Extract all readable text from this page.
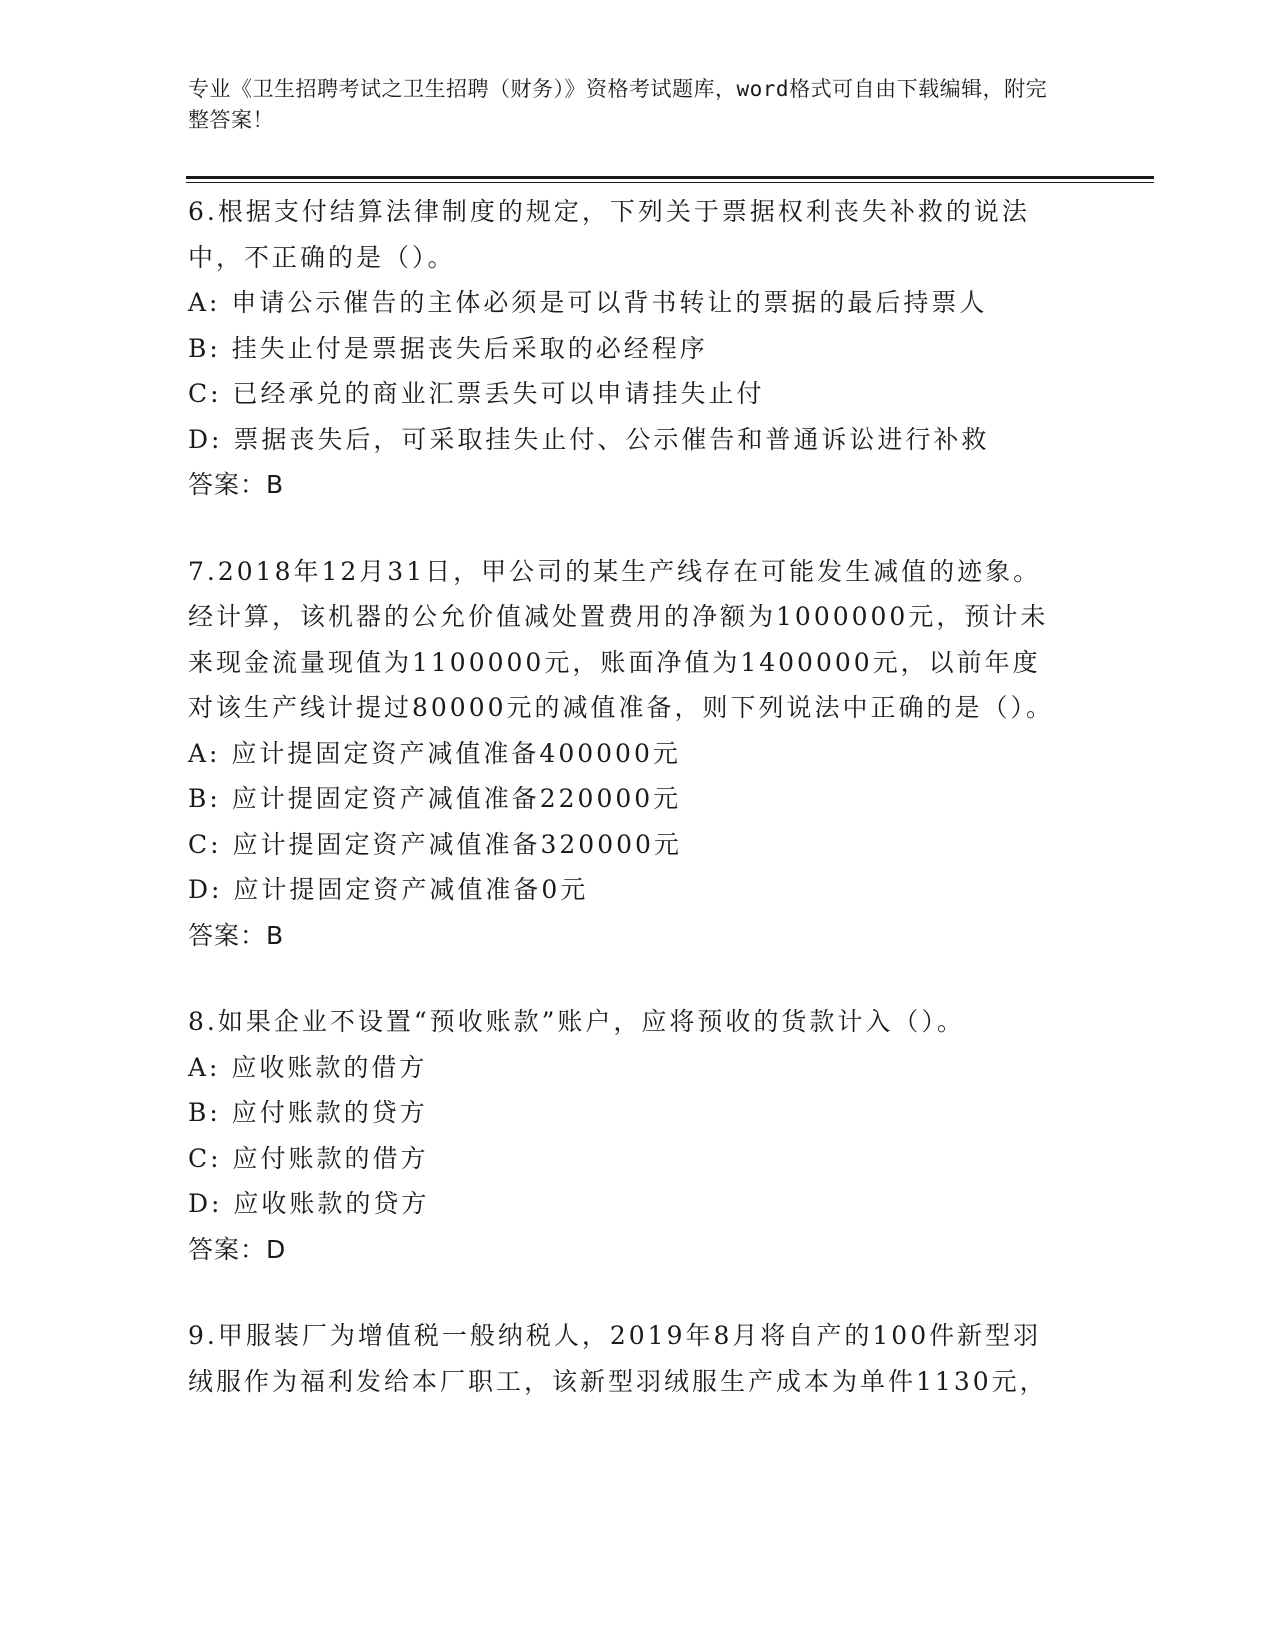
专业《卫生招聘考试之卫生招聘（财务）》资格考试题库，word格式可自由下载编辑，附完整答案！
6.根据支付结算法律制度的规定，下列关于票据权利丧失补救的说法中，不正确的是（）。
A: 申请公示催告的主体必须是可以背书转让的票据的最后持票人
B: 挂失止付是票据丧失后采取的必经程序
C: 已经承兑的商业汇票丢失可以申请挂失止付
D: 票据丧失后，可采取挂失止付、公示催告和普通诉讼进行补救
答案：B
7.2018年12月31日，甲公司的某生产线存在可能发生减值的迹象。经计算，该机器的公允价值减处置费用的净额为1000000元，预计未来现金流量现值为1100000元，账面净值为1400000元，以前年度对该生产线计提过80000元的减值准备，则下列说法中正确的是（）。
A: 应计提固定资产减值准备400000元
B: 应计提固定资产减值准备220000元
C: 应计提固定资产减值准备320000元
D: 应计提固定资产减值准备0元
答案：B
8.如果企业不设置“预收账款”账户，应将预收的货款计入（）。
A: 应收账款的借方
B: 应付账款的贷方
C: 应付账款的借方
D: 应收账款的贷方
答案：D
9.甲服装厂为增值税一般纳税人，2019年8月将自产的100件新型羽绒服作为福利发给本厂职工，该新型羽绒服生产成本为单件1130元，
